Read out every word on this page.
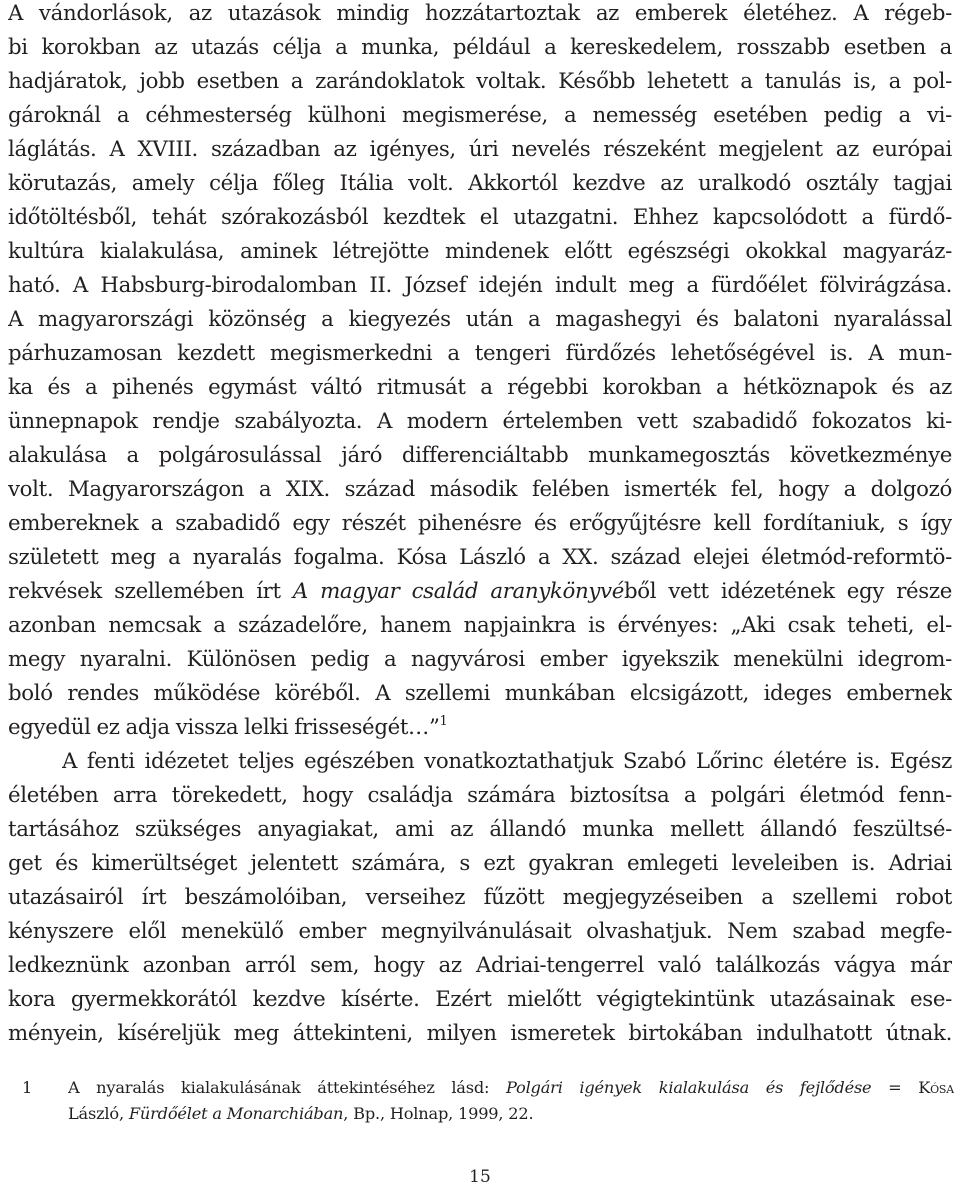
A vándorlások, az utazások mindig hozzátartoztak az emberek életéhez. A régeb-
bi korokban az utazás célja a munka, például a kereskedelem, rosszabb esetben a
hadjáratok, jobb esetben a zarándoklatok voltak. Később lehetett a tanulás is, a pol-
gároknál a céhmesterség külhoni megismerése, a nemesség esetében pedig a vi-
láglátás. A XVIII. században az igényes, úri nevelés részeként megjelent az európai
körutazás, amely célja főleg Itália volt. Akkortól kezdve az uralkodó osztály tagjai
időtöltésből, tehát szórakozásból kezdtek el utazgatni. Ehhez kapcsolódott a fürdő-
kultúra kialakulása, aminek létrejötte mindenek előtt egészségi okokkal magyaráz-
ható. A Habsburg-birodalomban II. József idején indult meg a fürdőélet fölvirágzása.
A magyarországi közönség a kiegyezés után a magashegyi és balatoni nyaralással
párhuzamosan kezdett megismerkedni a tengeri fürdőzés lehetőségével is. A mun-
ka és a pihenés egymást váltó ritmusát a régebbi korokban a hétköznapok és az
ünnepnapok rendje szabályozta. A modern értelemben vett szabadidő fokozatos ki-
alakulása a polgárosulással járó differenciáltabb munkamegosztás következménye
volt. Magyarországon a XIX. század második felében ismerték fel, hogy a dolgozó
embereknek a szabadidő egy részét pihenésre és erőgyűjtésre kell fordítaniuk, s így
született meg a nyaralás fogalma. Kósa László a XX. század elejei életmód-reformtö-
rekvések szellemében írt A magyar család aranykönyvéből vett idézetének egy része
azonban nemcsak a századelőre, hanem napjainkra is érvényes: „Aki csak teheti, el-
megy nyaralni. Különösen pedig a nagyvárosi ember igyekszik menekülni idegrom-
boló rendes működése köréből. A szellemi munkában elcsigázott, ideges embernek
egyedül ez adja vissza lelki frisseségét…”$^1$
A fenti idézetet teljes egészében vonatkoztathatjuk Szabó Lőrinc életére is. Egész
életében arra törekedett, hogy családja számára biztosítsa a polgári életmód fenn-
tartásához szükséges anyagiakat, ami az állandó munka mellett állandó feszültsé-
get és kimerültséget jelentett számára, s ezt gyakran emlegeti leveleiben is. Adriai
utazásairól írt beszámolóiban, verseihez fűzött megjegyzéseiben a szellemi robot
kényszere elől menekülő ember megnyilvánulásait olvashatjuk. Nem szabad megfe-
ledkeznünk azonban arról sem, hogy az Adriai-tengerrel való találkozás vágya már
kora gyermekkorától kezdve kísérte. Ezért mielőtt végigtekintünk utazásainak ese-
ményein, kíséreljük meg áttekinteni, milyen ismeretek birtokában indulhatott útnak.
1 A nyaralás kialakulásának áttekintéséhez lásd: Polgári igények kialakulása és fejlődése = Kósa
László, Fürdőélet a Monarchiában, Bp., Holnap, 1999, 22.
15
